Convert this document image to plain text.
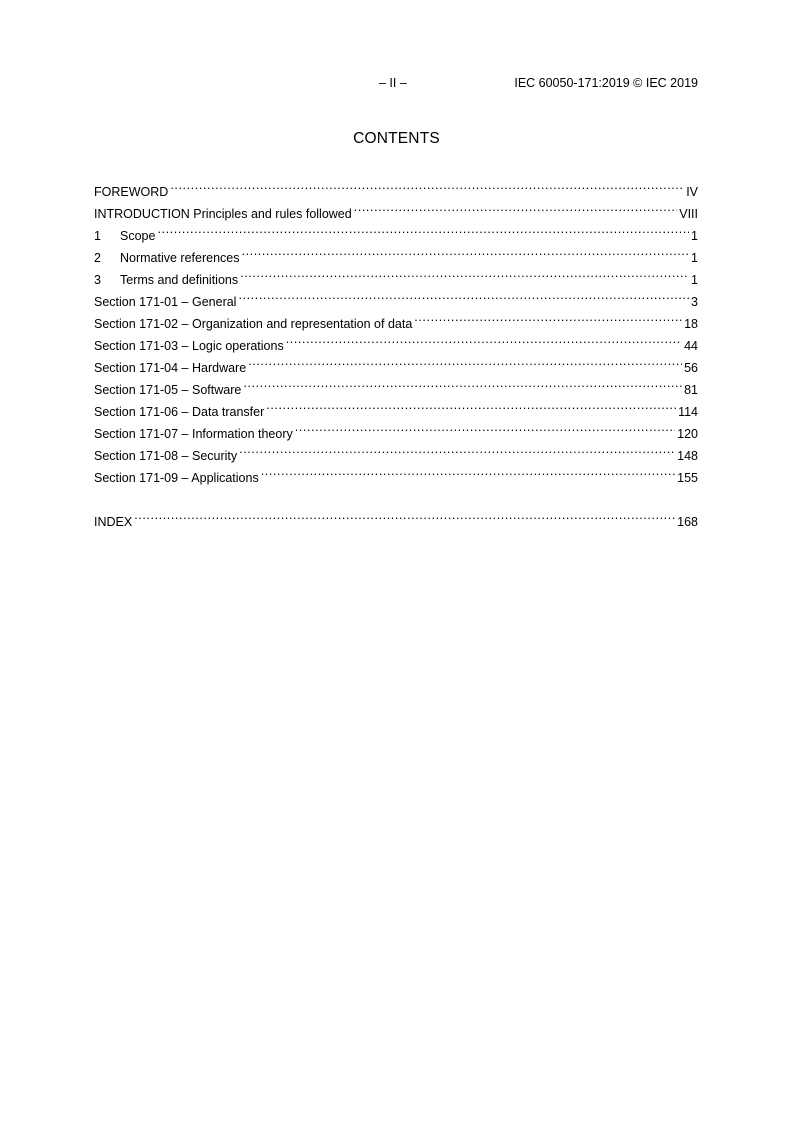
– II –	IEC 60050-171:2019 © IEC 2019
CONTENTS
FOREWORD .....	IV
INTRODUCTION Principles and rules followed .....	VIII
1 Scope .....	1
2 Normative references .....	1
3 Terms and definitions .....	1
Section 171-01 – General .....	3
Section 171-02 – Organization and representation of data .....	18
Section 171-03 – Logic operations .....	44
Section 171-04 – Hardware .....	56
Section 171-05 – Software .....	81
Section 171-06 – Data transfer .....	114
Section 171-07 – Information theory .....	120
Section 171-08 – Security .....	148
Section 171-09 – Applications .....	155
INDEX .....	168
